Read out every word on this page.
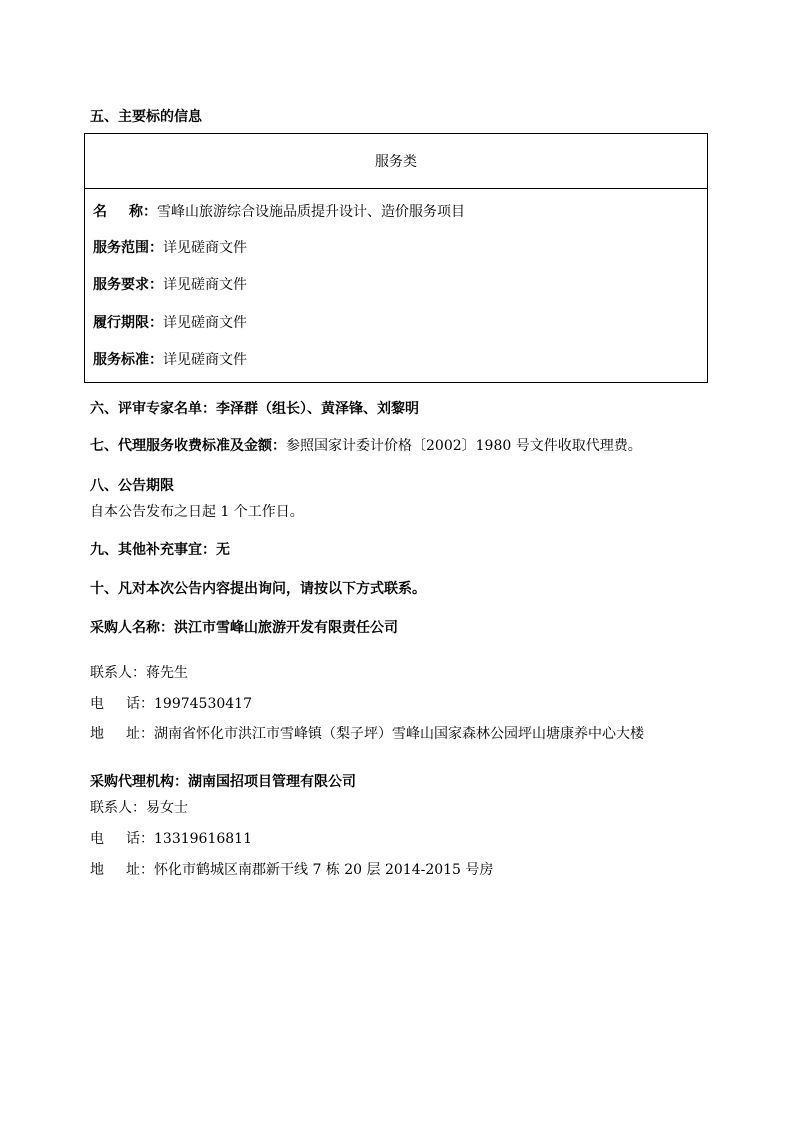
五、主要标的信息
服务类
名 称：雪峰山旅游综合设施品质提升设计、造价服务项目
服务范围：详见磋商文件
服务要求：详见磋商文件
履行期限：详见磋商文件
服务标准：详见磋商文件
六、评审专家名单：李泽群（组长）、黄泽锋、刘黎明
七、代理服务收费标准及金额：参照国家计委计价格〔2002〕1980 号文件收取代理费。
八、公告期限
自本公告发布之日起 1 个工作日。
九、其他补充事宜：无
十、凡对本次公告内容提出询问，请按以下方式联系。
采购人名称：洪江市雪峰山旅游开发有限责任公司
联系人：蒋先生
电 话：19974530417
地 址：湖南省怀化市洪江市雪峰镇（梨子坪）雪峰山国家森林公园坪山塘康养中心大楼
采购代理机构：湖南国招项目管理有限公司
联系人：易女士
电 话：13319616811
地 址：怀化市鹤城区南郡新干线 7 栋 20 层 2014-2015 号房
